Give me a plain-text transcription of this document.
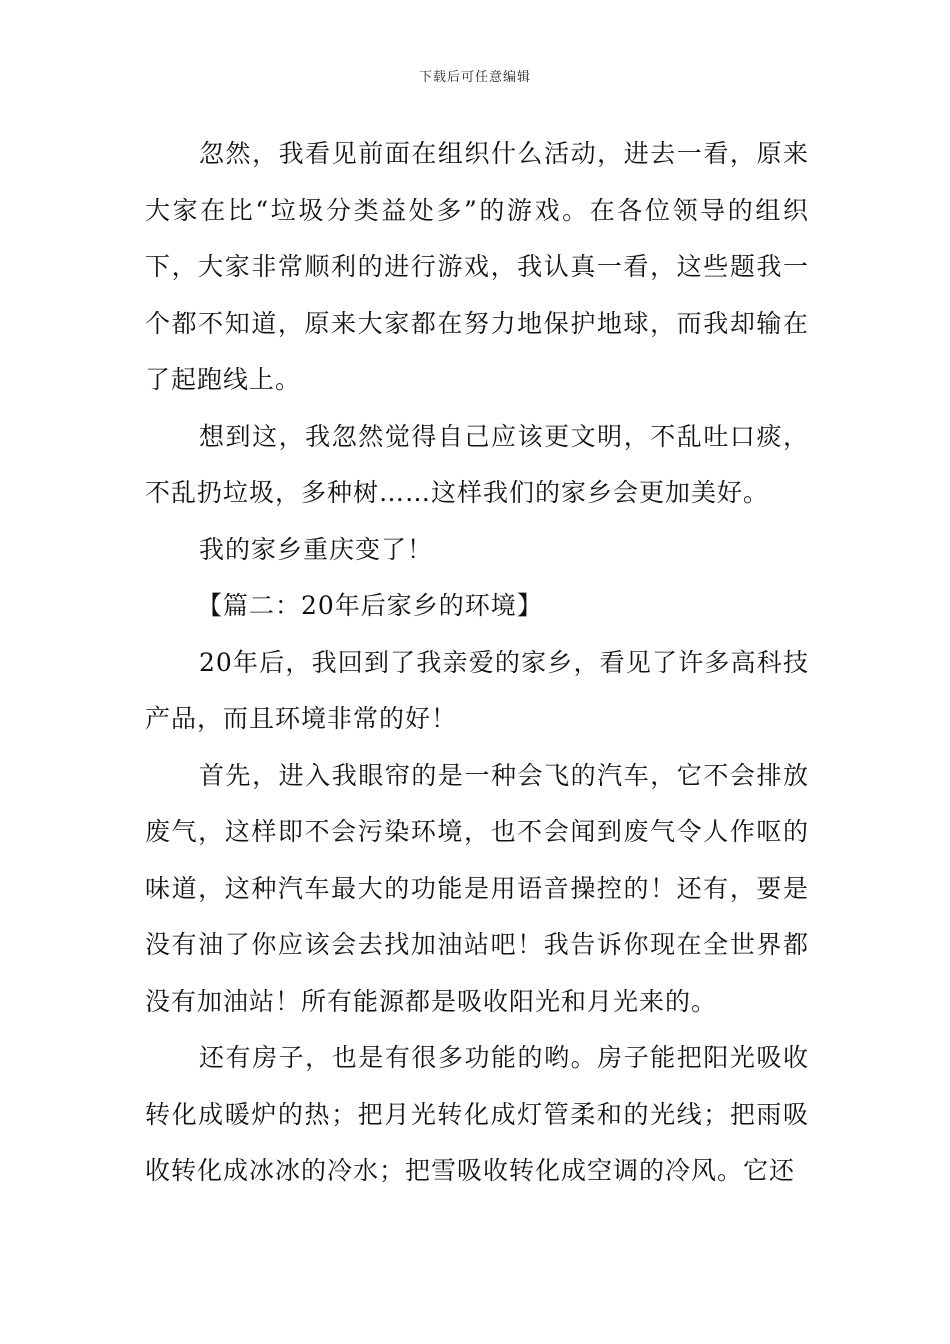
下载后可任意编辑

忽然，我看见前面在组织什么活动，进去一看，原来大家在比“垃圾分类益处多”的游戏。在各位领导的组织下，大家非常顺利的进行游戏，我认真一看，这些题我一个都不知道，原来大家都在努力地保护地球，而我却输在了起跑线上。

想到这，我忽然觉得自己应该更文明，不乱吐口痰，不乱扔垃圾，多种树……这样我们的家乡会更加美好。

我的家乡重庆变了！

【篇二：20年后家乡的环境】

20年后，我回到了我亲爱的家乡，看见了许多高科技产品，而且环境非常的好！

首先，进入我眼帘的是一种会飞的汽车，它不会排放废气，这样即不会污染环境，也不会闻到废气令人作呕的味道，这种汽车最大的功能是用语音操控的！还有，要是没有油了你应该会去找加油站吧！我告诉你现在全世界都没有加油站！所有能源都是吸收阳光和月光来的。

还有房子，也是有很多功能的哟。房子能把阳光吸收转化成暖炉的热；把月光转化成灯管柔和的光线；把雨吸收转化成冰冰的冷水；把雪吸收转化成空调的冷风。它还
